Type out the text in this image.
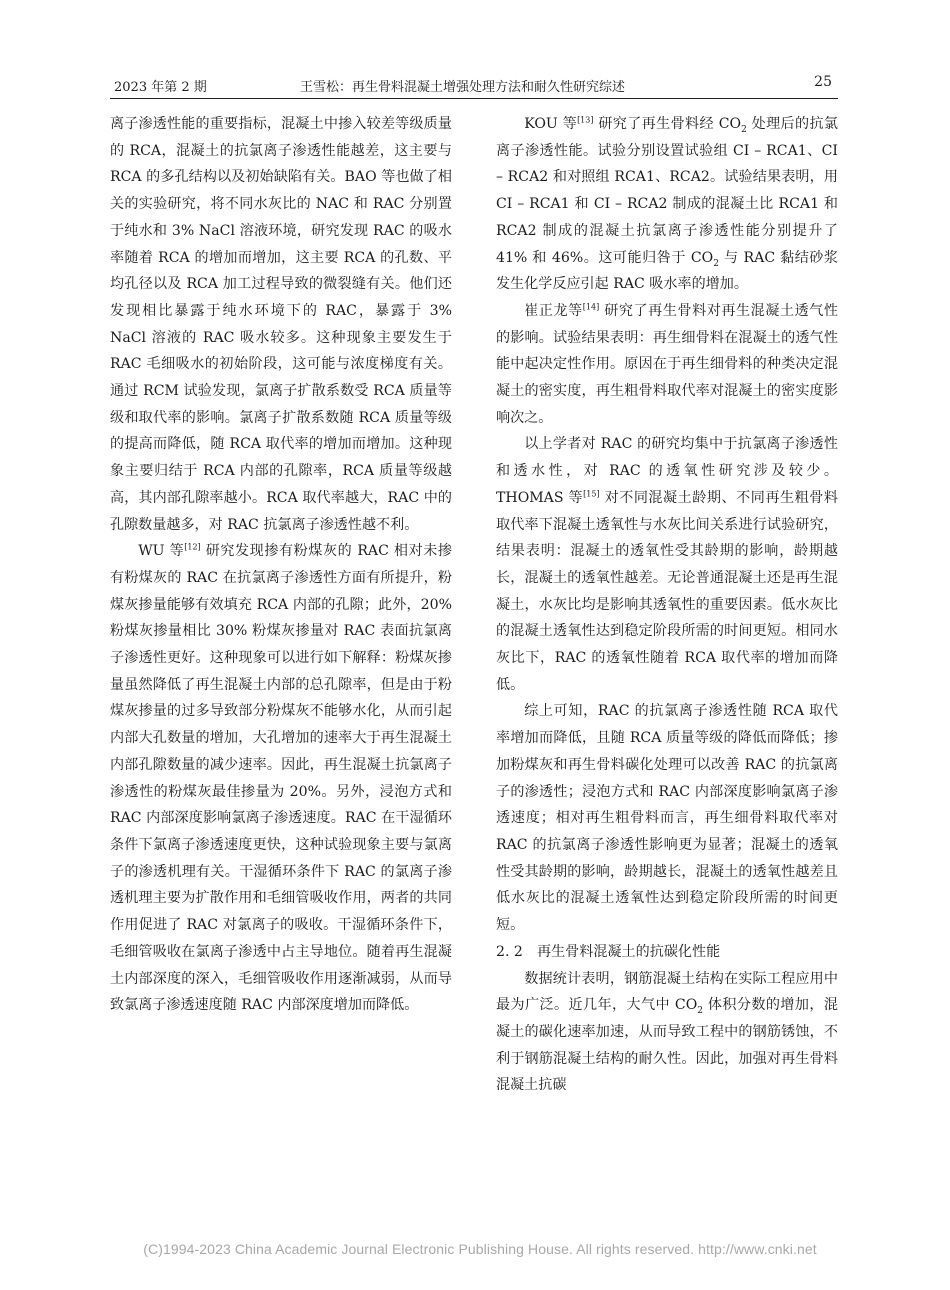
2023 年第 2 期	王雪松：再生骨料混凝土增强处理方法和耐久性研究综述	25

离子渗透性能的重要指标，混凝土中掺入较差等级质量的 RCA，混凝土的抗氯离子渗透性能越差，这主要与 RCA 的多孔结构以及初始缺陷有关。BAO 等也做了相关的实验研究，将不同水灰比的 NAC 和 RAC 分别置于纯水和 3% NaCl 溶液环境，研究发现 RAC 的吸水率随着 RCA 的增加而增加，这主要 RCA 的孔数、平均孔径以及 RCA 加工过程导致的微裂缝有关。他们还发现相比暴露于纯水环境下的 RAC，暴露于 3% NaCl 溶液的 RAC 吸水较多。这种现象主要发生于 RAC 毛细吸水的初始阶段，这可能与浓度梯度有关。通过 RCM 试验发现，氯离子扩散系数受 RCA 质量等级和取代率的影响。氯离子扩散系数随 RCA 质量等级的提高而降低，随 RCA 取代率的增加而增加。这种现象主要归结于 RCA 内部的孔隙率，RCA 质量等级越高，其内部孔隙率越小。RCA 取代率越大，RAC 中的孔隙数量越多，对 RAC 抗氯离子渗透性越不利。

WU 等[12] 研究发现掺有粉煤灰的 RAC 相对未掺有粉煤灰的 RAC 在抗氯离子渗透性方面有所提升，粉煤灰掺量能够有效填充 RCA 内部的孔隙；此外，20% 粉煤灰掺量相比 30% 粉煤灰掺量对 RAC 表面抗氯离子渗透性更好。这种现象可以进行如下解释：粉煤灰掺量虽然降低了再生混凝土内部的总孔隙率，但是由于粉煤灰掺量的过多导致部分粉煤灰不能够水化，从而引起内部大孔数量的增加，大孔增加的速率大于再生混凝土内部孔隙数量的减少速率。因此，再生混凝土抗氯离子渗透性的粉煤灰最佳掺量为 20%。另外，浸泡方式和 RAC 内部深度影响氯离子渗透速度。RAC 在干湿循环条件下氯离子渗透速度更快，这种试验现象主要与氯离子的渗透机理有关。干湿循环条件下 RAC 的氯离子渗透机理主要为扩散作用和毛细管吸收作用，两者的共同作用促进了 RAC 对氯离子的吸收。干湿循环条件下，毛细管吸收在氯离子渗透中占主导地位。随着再生混凝土内部深度的深入，毛细管吸收作用逐渐减弱，从而导致氯离子渗透速度随 RAC 内部深度增加而降低。

KOU 等[13] 研究了再生骨料经 $CO_2$ 处理后的抗氯离子渗透性能。试验分别设置试验组 CI – RCA1、CI – RCA2 和对照组 RCA1、RCA2。试验结果表明，用 CI – RCA1 和 CI – RCA2 制成的混凝土比 RCA1 和 RCA2 制成的混凝土抗氯离子渗透性能分别提升了 41% 和 46%。这可能归咎于 $CO_2$ 与 RAC 黏结砂浆发生化学反应引起 RAC 吸水率的增加。

崔正龙等[14] 研究了再生骨料对再生混凝土透气性的影响。试验结果表明：再生细骨料在混凝土的透气性能中起决定性作用。原因在于再生细骨料的种类决定混凝土的密实度，再生粗骨料取代率对混凝土的密实度影响次之。

以上学者对 RAC 的研究均集中于抗氯离子渗透性和透水性，对 RAC 的透氧性研究涉及较少。THOMAS 等[15] 对不同混凝土龄期、不同再生粗骨料取代率下混凝土透氧性与水灰比间关系进行试验研究，结果表明：混凝土的透氧性受其龄期的影响，龄期越长，混凝土的透氧性越差。无论普通混凝土还是再生混凝土，水灰比均是影响其透氧性的重要因素。低水灰比的混凝土透氧性达到稳定阶段所需的时间更短。相同水灰比下，RAC 的透氧性随着 RCA 取代率的增加而降低。

综上可知，RAC 的抗氯离子渗透性随 RCA 取代率增加而降低，且随 RCA 质量等级的降低而降低；掺加粉煤灰和再生骨料碳化处理可以改善 RAC 的抗氯离子的渗透性；浸泡方式和 RAC 内部深度影响氯离子渗透速度；相对再生粗骨料而言，再生细骨料取代率对 RAC 的抗氯离子渗透性影响更为显著；混凝土的透氧性受其龄期的影响，龄期越长，混凝土的透氧性越差且低水灰比的混凝土透氧性达到稳定阶段所需的时间更短。

2. 2　再生骨料混凝土的抗碳化性能

数据统计表明，钢筋混凝土结构在实际工程应用中最为广泛。近几年，大气中 $CO_2$ 体积分数的增加，混凝土的碳化速率加速，从而导致工程中的钢筋锈蚀，不利于钢筋混凝土结构的耐久性。因此，加强对再生骨料混凝土抗碳

(C)1994-2023 China Academic Journal Electronic Publishing House. All rights reserved. http://www.cnki.net
